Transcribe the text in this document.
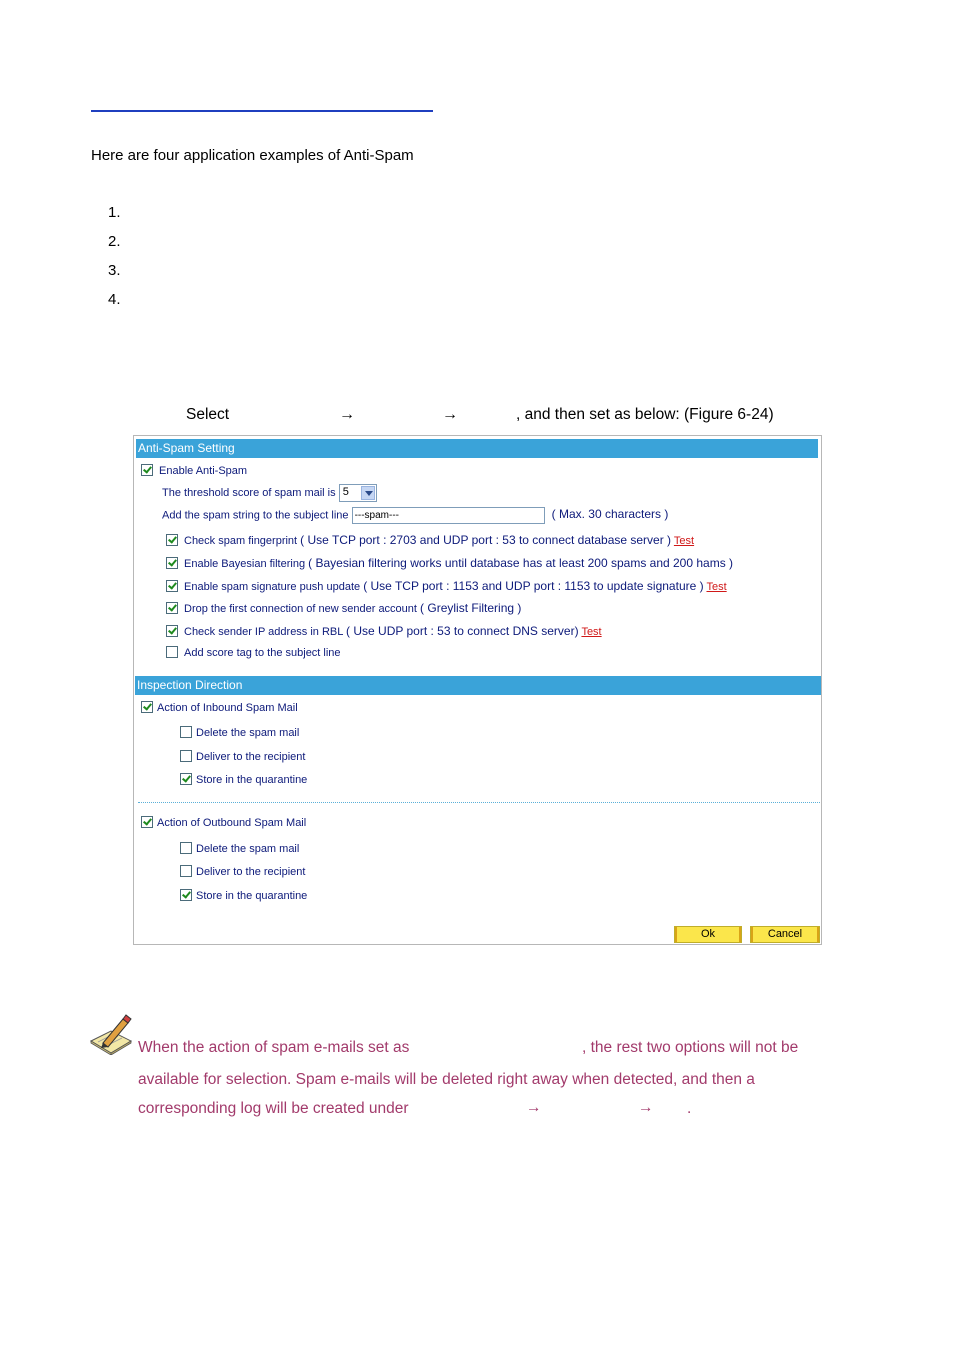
Here are four application examples of Anti-Spam
1.
2.
3.
4.
Select	→	→	, and then set as below: (Figure 6-24)
Anti-Spam Setting
Enable Anti-Spam
The threshold score of spam mail is 5
Add the spam string to the subject line ---spam---	( Max. 30 characters )
Check spam fingerprint ( Use TCP port : 2703 and UDP port : 53 to connect database server ) Test
Enable Bayesian filtering ( Bayesian filtering works until database has at least 200 spams and 200 hams )
Enable spam signature push update ( Use TCP port : 1153 and UDP port : 1153 to update signature ) Test
Drop the first connection of new sender account ( Greylist Filtering )
Check sender IP address in RBL ( Use UDP port : 53 to connect DNS server) Test
Add score tag to the subject line
Inspection Direction
Action of Inbound Spam Mail
Delete the spam mail
Deliver to the recipient
Store in the quarantine
Action of Outbound Spam Mail
Delete the spam mail
Deliver to the recipient
Store in the quarantine
Ok	Cancel
When the action of spam e-mails set as	, the rest two options will not be
available for selection. Spam e-mails will be deleted right away when detected, and then a
corresponding log will be created under	→	→ .
